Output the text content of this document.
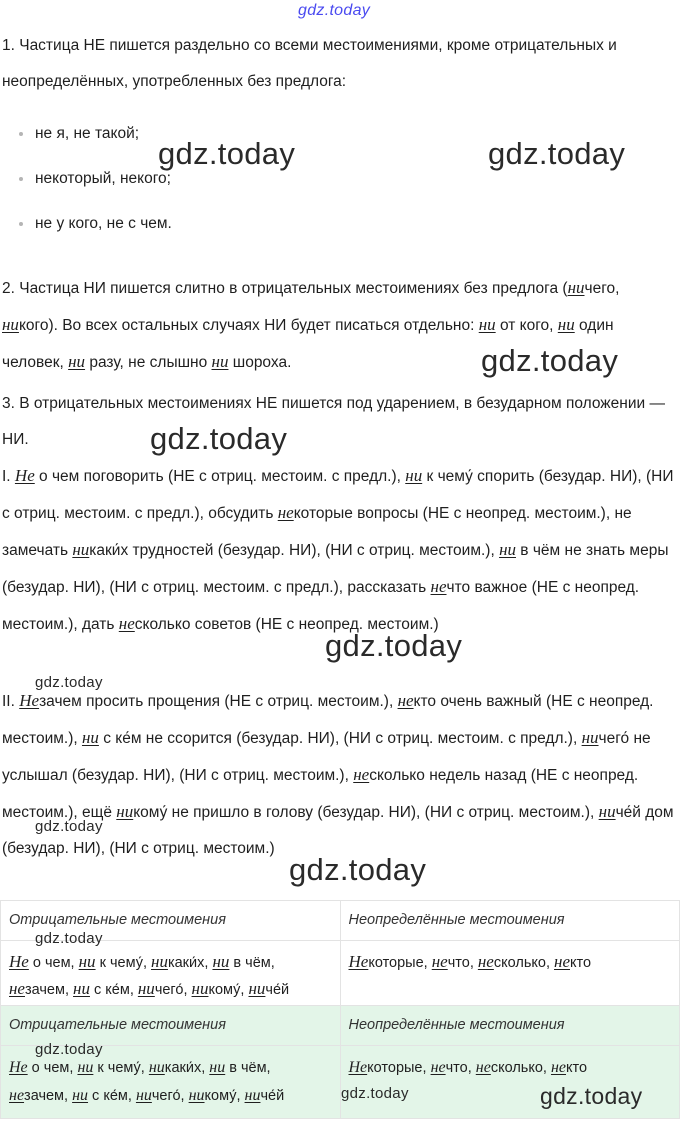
gdz.today

1. Частица НЕ пишется раздельно со всеми местоимениями, кроме отрицательных и неопределённых, употребленных без предлога:

не я, не такой;
некоторый, некого;
не у кого, не с чем.

2. Частица НИ пишется слитно в отрицательных местоимениях без предлога (ничего, никого). Во всех остальных случаях НИ будет писаться отдельно: ни от кого, ни один человек, ни разу, не слышно ни шороха.

3. В отрицательных местоимениях НЕ пишется под ударением, в безударном положении — НИ.

I. Не о чем поговорить (НЕ с отриц. местоим. с предл.), ни к чему́ спорить (безудар. НИ), (НИ с отриц. местоим. с предл.), обсудить некоторые вопросы (НЕ с неопред. местоим.), не замечать никаки́х трудностей (безудар. НИ), (НИ с отриц. местоим.), ни в чём не знать меры (безудар. НИ), (НИ с отриц. местоим. с предл.), рассказать нечто важное (НЕ с неопред. местоим.), дать несколько советов (НЕ с неопред. местоим.)

II. Незачем просить прощения (НЕ с отриц. местоим.), некто очень важный (НЕ с неопред. местоим.), ни с ке́м не ссорится (безудар. НИ), (НИ с отриц. местоим. с предл.), ничего́ не услышал (безудар. НИ), (НИ с отриц. местоим.), несколько недель назад (НЕ с неопред. местоим.), ещё никому́ не пришло в голову (безудар. НИ), (НИ с отриц. местоим.), ниче́й дом (безудар. НИ), (НИ с отриц. местоим.)

Отрицательные местоимения	Неопределённые местоимения
Не о чем, ни к чему́, никаки́х, ни в чём, незачем, ни с ке́м, ничего́, никому́, ниче́й	Некоторые, нечто, несколько, некто
Отрицательные местоимения	Неопределённые местоимения
Не о чем, ни к чему́, никаки́х, ни в чём, незачем, ни с ке́м, ничего́, никому́, ниче́й	Некоторые, нечто, несколько, некто
gdz.today	gdz.today
gdz.today
gdz.today
gdz.today
gdz.today
gdz.today
gdz.today
gdz.today
gdz.today
gdz.today	gdz.today
